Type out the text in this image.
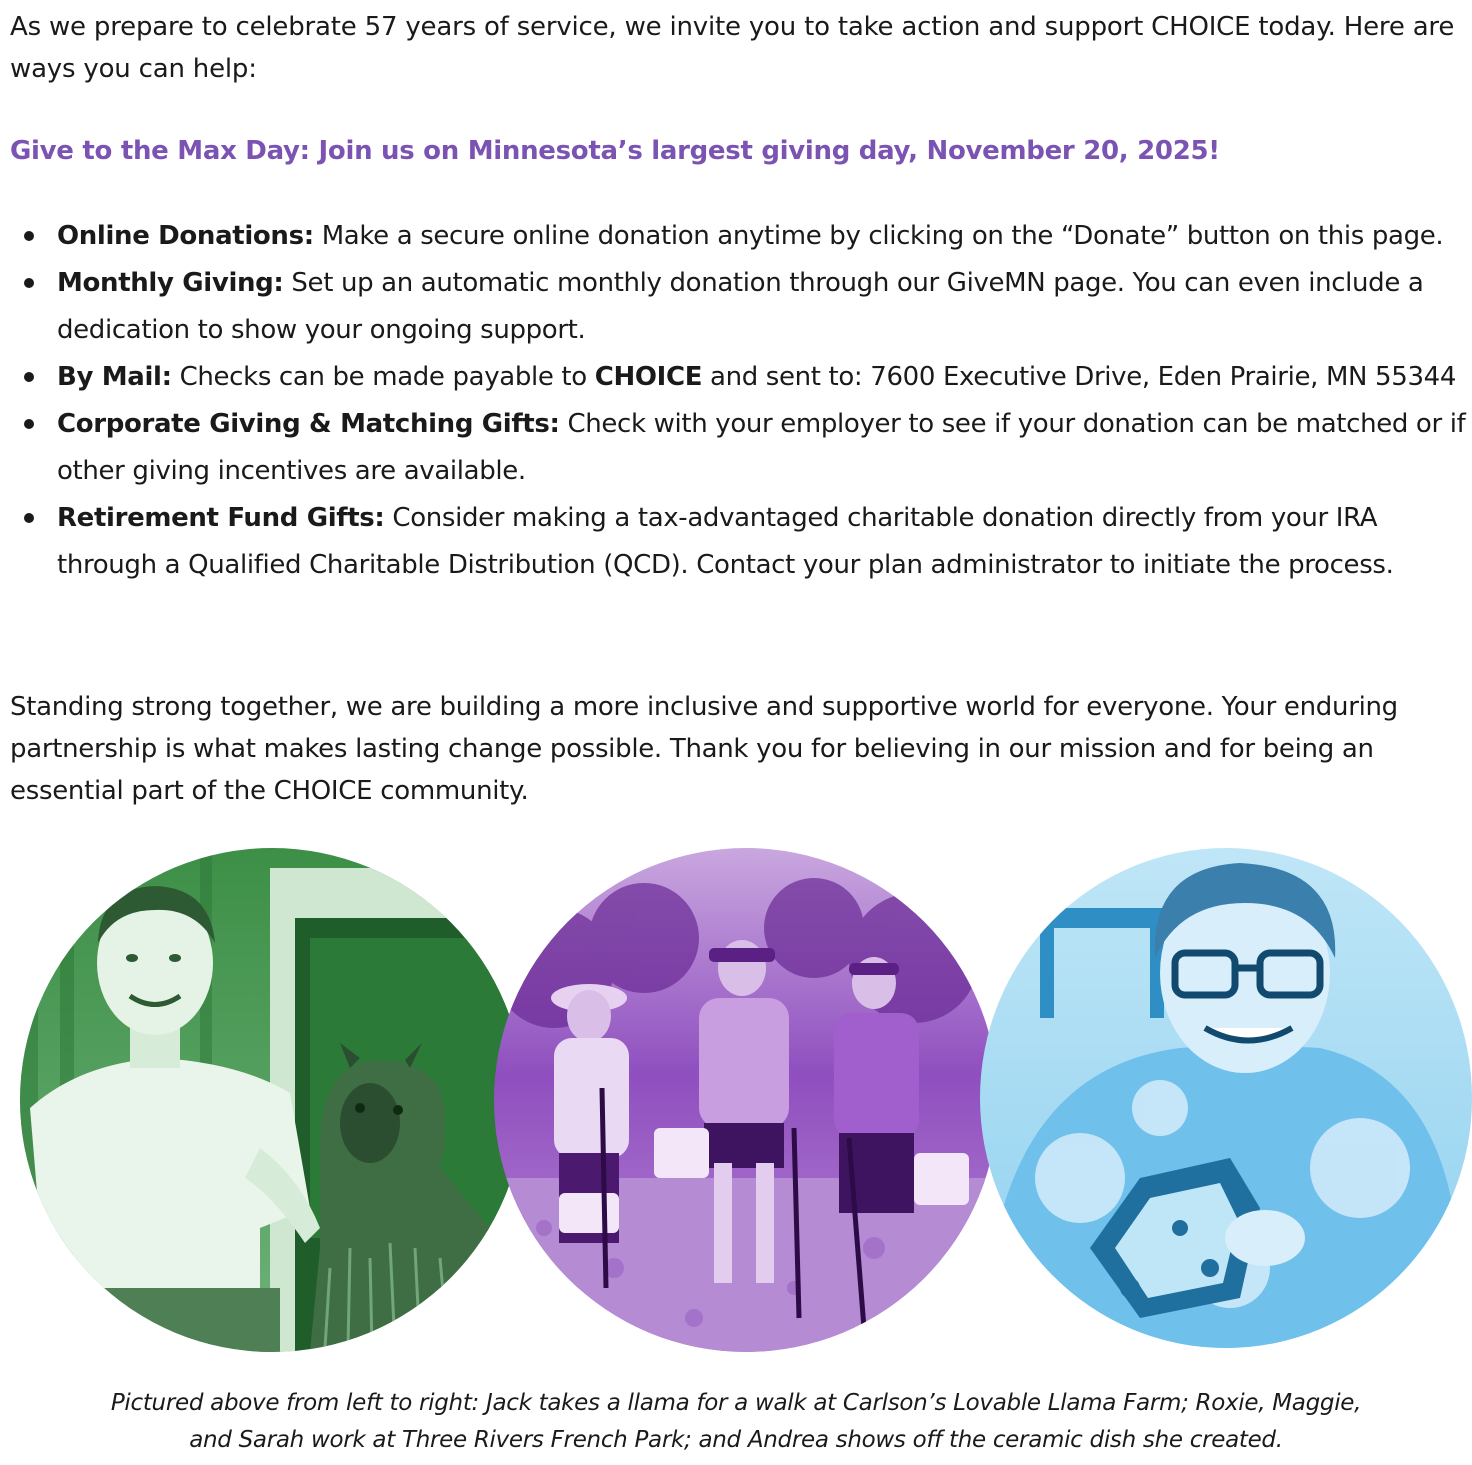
As we prepare to celebrate 57 years of service, we invite you to take action and support CHOICE today. Here are ways you can help:

Give to the Max Day: Join us on Minnesota’s largest giving day, November 20, 2025!

Online Donations: Make a secure online donation anytime by clicking on the “Donate” button on this page.
Monthly Giving: Set up an automatic monthly donation through our GiveMN page. You can even include a dedication to show your ongoing support.
By Mail: Checks can be made payable to CHOICE and sent to: 7600 Executive Drive, Eden Prairie, MN 55344
Corporate Giving & Matching Gifts: Check with your employer to see if your donation can be matched or if other giving incentives are available.
Retirement Fund Gifts: Consider making a tax-advantaged charitable donation directly from your IRA through a Qualified Charitable Distribution (QCD). Contact your plan administrator to initiate the process.

Standing strong together, we are building a more inclusive and supportive world for everyone. Your enduring partnership is what makes lasting change possible. Thank you for believing in our mission and for being an essential part of the CHOICE community.

Pictured above from left to right: Jack takes a llama for a walk at Carlson’s Lovable Llama Farm; Roxie, Maggie,
and Sarah work at Three Rivers French Park; and Andrea shows off the ceramic dish she created.
